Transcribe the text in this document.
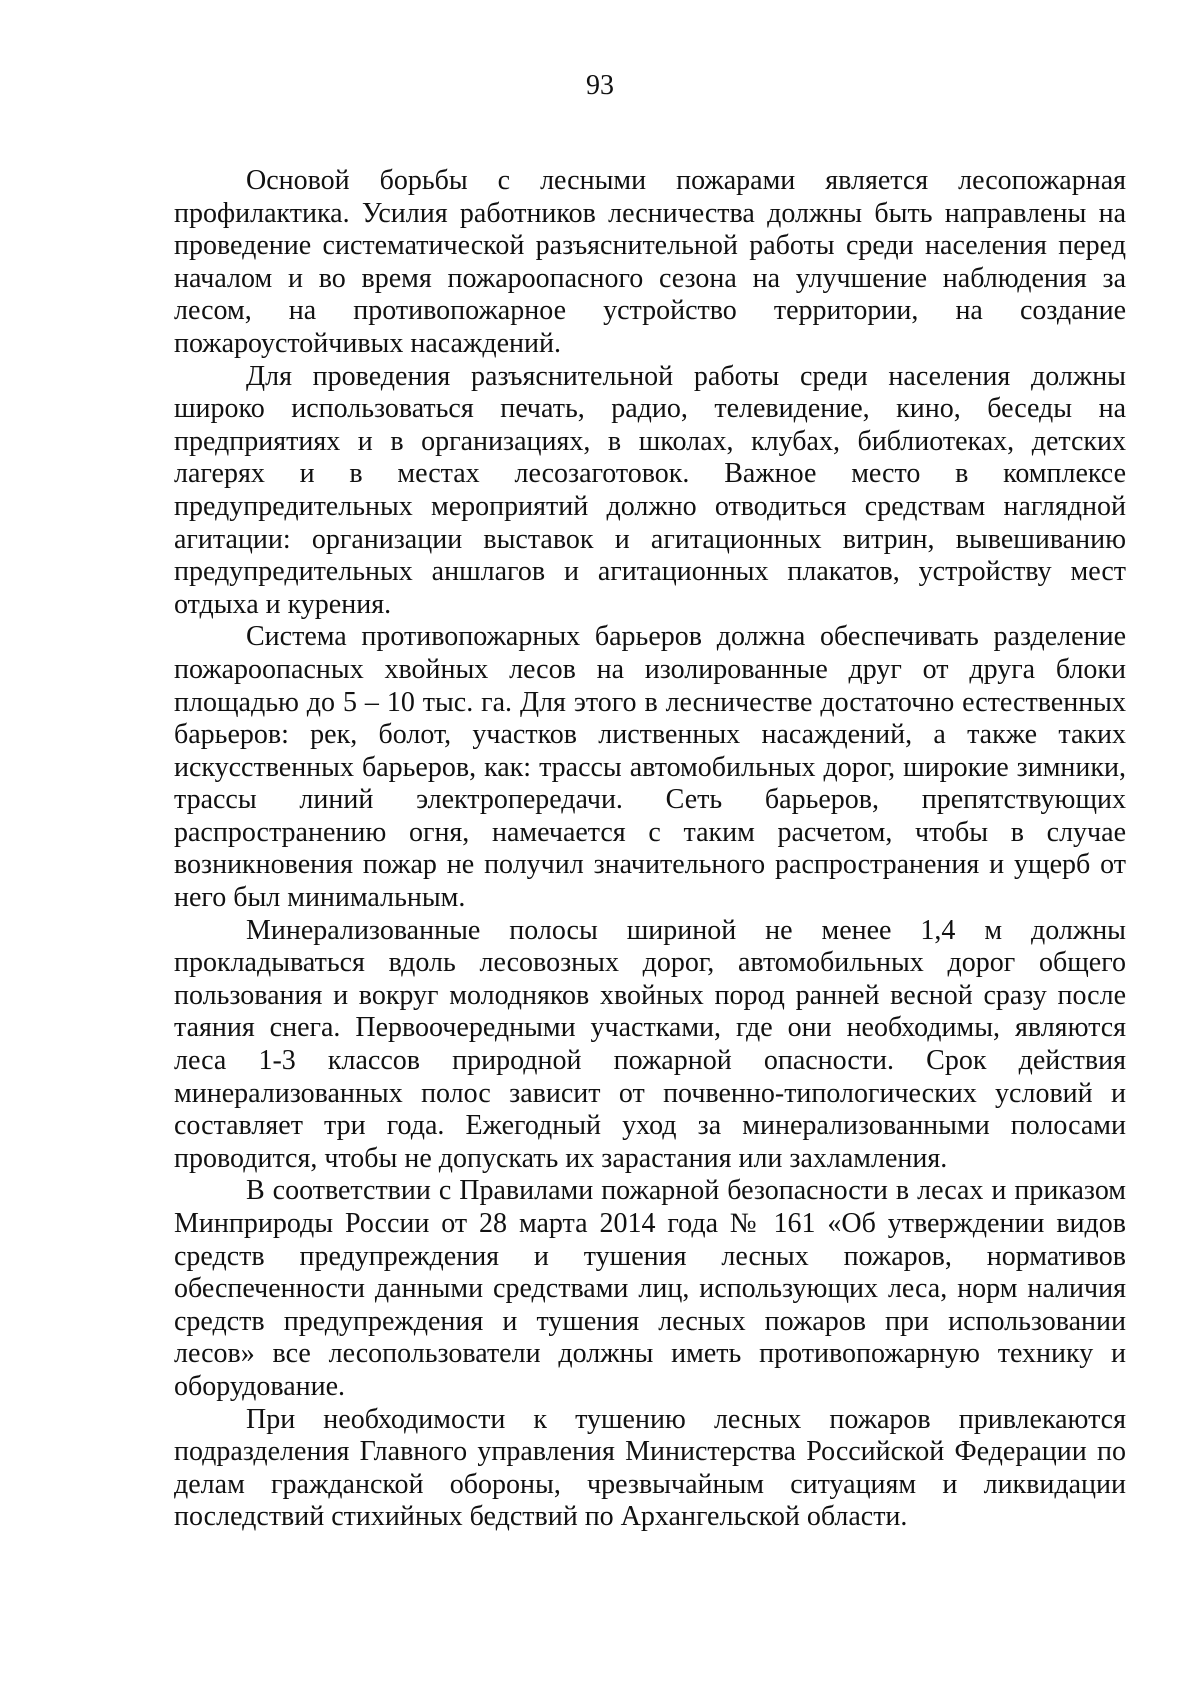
93

Основой борьбы с лесными пожарами является лесопожарная профилактика. Усилия работников лесничества должны быть направлены на проведение систематической разъяснительной работы среди населения перед началом и во время пожароопасного сезона на улучшение наблюдения за лесом, на противопожарное устройство территории, на создание пожароустойчивых насаждений.

Для проведения разъяснительной работы среди населения должны широко использоваться печать, радио, телевидение, кино, беседы на предприятиях и в организациях, в школах, клубах, библиотеках, детских лагерях и в местах лесозаготовок. Важное место в комплексе предупредительных мероприятий должно отводиться средствам наглядной агитации: организации выставок и агитационных витрин, вывешиванию предупредительных аншлагов и агитационных плакатов, устройству мест отдыха и курения.

Система противопожарных барьеров должна обеспечивать разделение пожароопасных хвойных лесов на изолированные друг от друга блоки площадью до 5 – 10 тыс. га. Для этого в лесничестве достаточно естественных барьеров: рек, болот, участков лиственных насаждений, а также таких искусственных барьеров, как: трассы автомобильных дорог, широкие зимники, трассы линий электропередачи. Сеть барьеров, препятствующих распространению огня, намечается с таким расчетом, чтобы в случае возникновения пожар не получил значительного распространения и ущерб от него был минимальным.

Минерализованные полосы шириной не менее 1,4 м должны прокладываться вдоль лесовозных дорог, автомобильных дорог общего пользования и вокруг молодняков хвойных пород ранней весной сразу после таяния снега. Первоочередными участками, где они необходимы, являются леса 1-3 классов природной пожарной опасности. Срок действия минерализованных полос зависит от почвенно-типологических условий и составляет три года. Ежегодный уход за минерализованными полосами проводится, чтобы не допускать их зарастания или захламления.

В соответствии с Правилами пожарной безопасности в лесах и приказом Минприроды России от 28 марта 2014 года № 161 «Об утверждении видов средств предупреждения и тушения лесных пожаров, нормативов обеспеченности данными средствами лиц, использующих леса, норм наличия средств предупреждения и тушения лесных пожаров при использовании лесов» все лесопользователи должны иметь противопожарную технику и оборудование.

При необходимости к тушению лесных пожаров привлекаются подразделения Главного управления Министерства Российской Федерации по делам гражданской обороны, чрезвычайным ситуациям и ликвидации последствий стихийных бедствий по Архангельской области.
